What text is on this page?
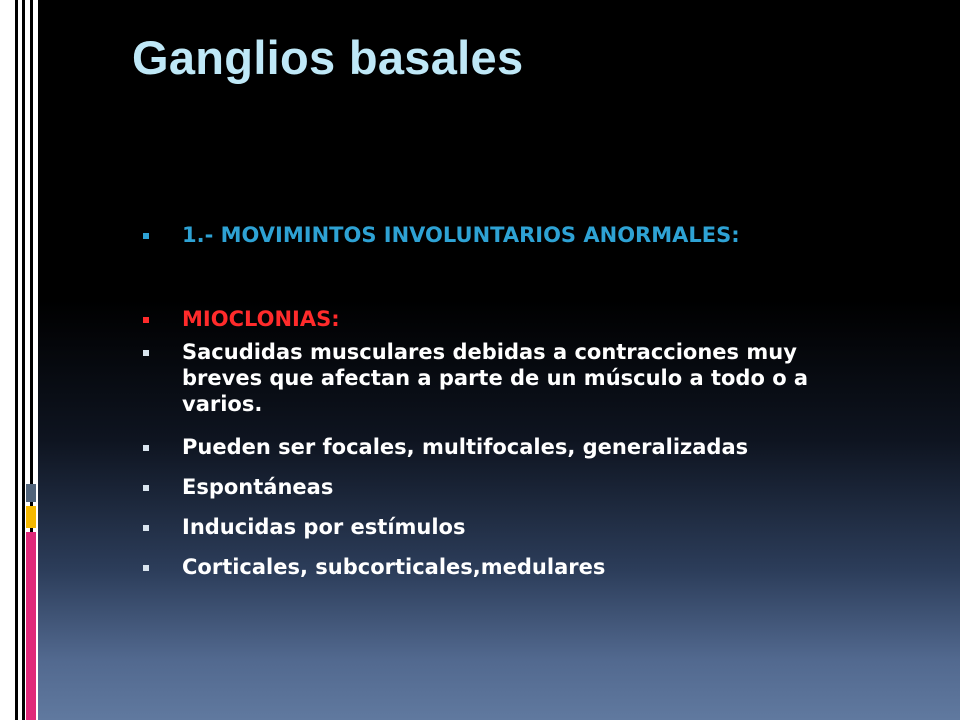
Ganglios basales
1.- MOVIMINTOS INVOLUNTARIOS ANORMALES:
MIOCLONIAS:
Sacudidas musculares debidas a contracciones muy
breves que afectan a parte de un músculo a todo o a
varios.
Pueden ser focales, multifocales, generalizadas
Espontáneas
Inducidas por estímulos
Corticales, subcorticales,medulares
